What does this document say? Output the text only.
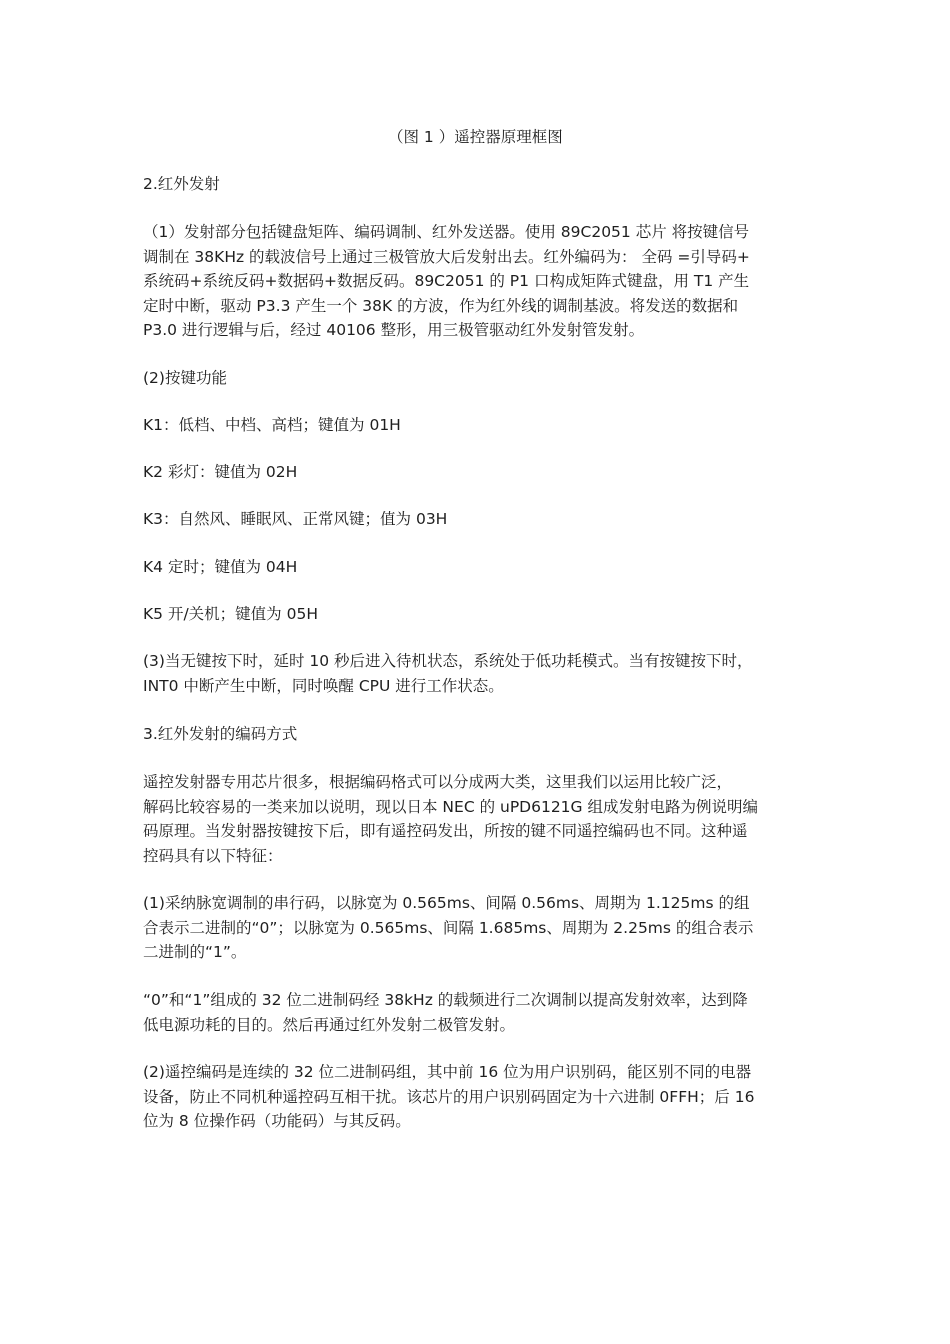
（图 1 ）遥控器原理框图
2.红外发射
（1）发射部分包括键盘矩阵、编码调制、红外发送器。使用 89C2051 芯片 将按键信号
调制在 38KHz 的载波信号上通过三极管放大后发射出去。红外编码为： 全码 =引导码+
系统码+系统反码+数据码+数据反码。89C2051 的 P1 口构成矩阵式键盘，用 T1 产生
定时中断，驱动 P3.3 产生一个 38K 的方波，作为红外线的调制基波。将发送的数据和
P3.0 进行逻辑与后，经过 40106 整形，用三极管驱动红外发射管发射。
(2)按键功能
K1：低档、中档、高档；键值为 01H
K2 彩灯：键值为 02H
K3：自然风、睡眠风、正常风键；值为 03H
K4 定时；键值为 04H
K5 开/关机；键值为 05H
(3)当无键按下时，延时 10 秒后进入待机状态，系统处于低功耗模式。当有按键按下时，
INT0 中断产生中断，同时唤醒 CPU 进行工作状态。
3.红外发射的编码方式
遥控发射器专用芯片很多，根据编码格式可以分成两大类，这里我们以运用比较广泛，
解码比较容易的一类来加以说明，现以日本 NEC 的 uPD6121G 组成发射电路为例说明编
码原理。当发射器按键按下后，即有遥控码发出，所按的键不同遥控编码也不同。这种遥
控码具有以下特征：
(1)采纳脉宽调制的串行码，以脉宽为 0.565ms、间隔 0.56ms、周期为 1.125ms 的组
合表示二进制的“0”；以脉宽为 0.565ms、间隔 1.685ms、周期为 2.25ms 的组合表示
二进制的“1”。
“0”和“1”组成的 32 位二进制码经 38kHz 的载频进行二次调制以提高发射效率，达到降
低电源功耗的目的。然后再通过红外发射二极管发射。
(2)遥控编码是连续的 32 位二进制码组，其中前 16 位为用户识别码，能区别不同的电器
设备，防止不同机种遥控码互相干扰。该芯片的用户识别码固定为十六进制 0FFH；后 16
位为 8 位操作码（功能码）与其反码。
